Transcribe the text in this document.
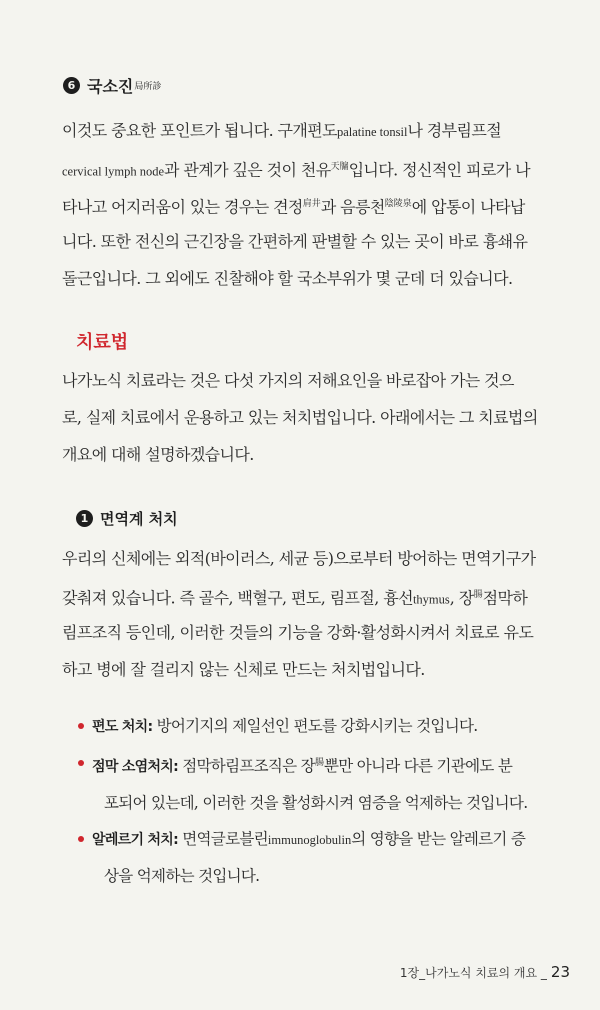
6 국소진 局所診
이것도 중요한 포인트가 됩니다. 구개편도palatine tonsil나 경부림프절
cervical lymph node과 관계가 깊은 것이 천유$^{天牖}$입니다. 정신적인 피로가 나
타나고 어지러움이 있는 경우는 견정$^{肩井}$과 음릉천$^{陰陵泉}$에 압통이 나타납
니다. 또한 전신의 근긴장을 간편하게 판별할 수 있는 곳이 바로 흉쇄유
돌근입니다. 그 외에도 진찰해야 할 국소부위가 몇 군데 더 있습니다.
치료법
나가노식 치료라는 것은 다섯 가지의 저해요인을 바로잡아 가는 것으
로, 실제 치료에서 운용하고 있는 처치법입니다. 아래에서는 그 치료법의
개요에 대해 설명하겠습니다.
1 면역계 처치
우리의 신체에는 외적(바이러스, 세균 등)으로부터 방어하는 면역기구가
갖춰져 있습니다. 즉 골수, 백혈구, 편도, 림프절, 흉선thymus, 장$^腸$점막하
림프조직 등인데, 이러한 것들의 기능을 강화·활성화시켜서 치료로 유도
하고 병에 잘 걸리지 않는 신체로 만드는 처치법입니다.
편도 처치: 방어기지의 제일선인 편도를 강화시키는 것입니다.
점막 소염처치: 점막하림프조직은 장$^腸$뿐만 아니라 다른 기관에도 분
포되어 있는데, 이러한 것을 활성화시켜 염증을 억제하는 것입니다.
알레르기 처치: 면역글로블린immunoglobulin의 영향을 받는 알레르기 증
상을 억제하는 것입니다.
1장_나가노식 치료의 개요 _ 23
